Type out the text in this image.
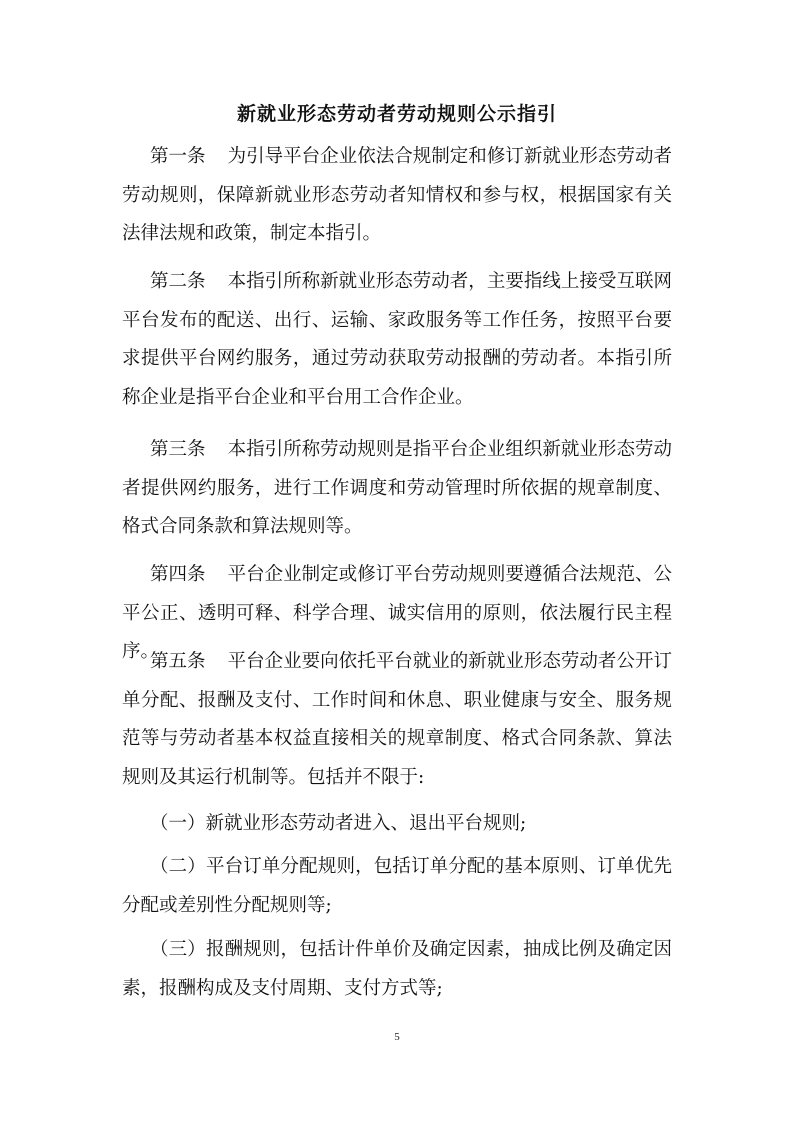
新就业形态劳动者劳动规则公示指引

第一条 为引导平台企业依法合规制定和修订新就业形态劳动者劳动规则，保障新就业形态劳动者知情权和参与权，根据国家有关法律法规和政策，制定本指引。

第二条 本指引所称新就业形态劳动者，主要指线上接受互联网平台发布的配送、出行、运输、家政服务等工作任务，按照平台要求提供平台网约服务，通过劳动获取劳动报酬的劳动者。本指引所称企业是指平台企业和平台用工合作企业。

第三条 本指引所称劳动规则是指平台企业组织新就业形态劳动者提供网约服务，进行工作调度和劳动管理时所依据的规章制度、格式合同条款和算法规则等。

第四条 平台企业制定或修订平台劳动规则要遵循合法规范、公平公正、透明可释、科学合理、诚实信用的原则，依法履行民主程序。

第五条 平台企业要向依托平台就业的新就业形态劳动者公开订单分配、报酬及支付、工作时间和休息、职业健康与安全、服务规范等与劳动者基本权益直接相关的规章制度、格式合同条款、算法规则及其运行机制等。包括并不限于:

（一）新就业形态劳动者进入、退出平台规则;

（二）平台订单分配规则，包括订单分配的基本原则、订单优先分配或差别性分配规则等;

（三）报酬规则，包括计件单价及确定因素，抽成比例及确定因素，报酬构成及支付周期、支付方式等;

5
